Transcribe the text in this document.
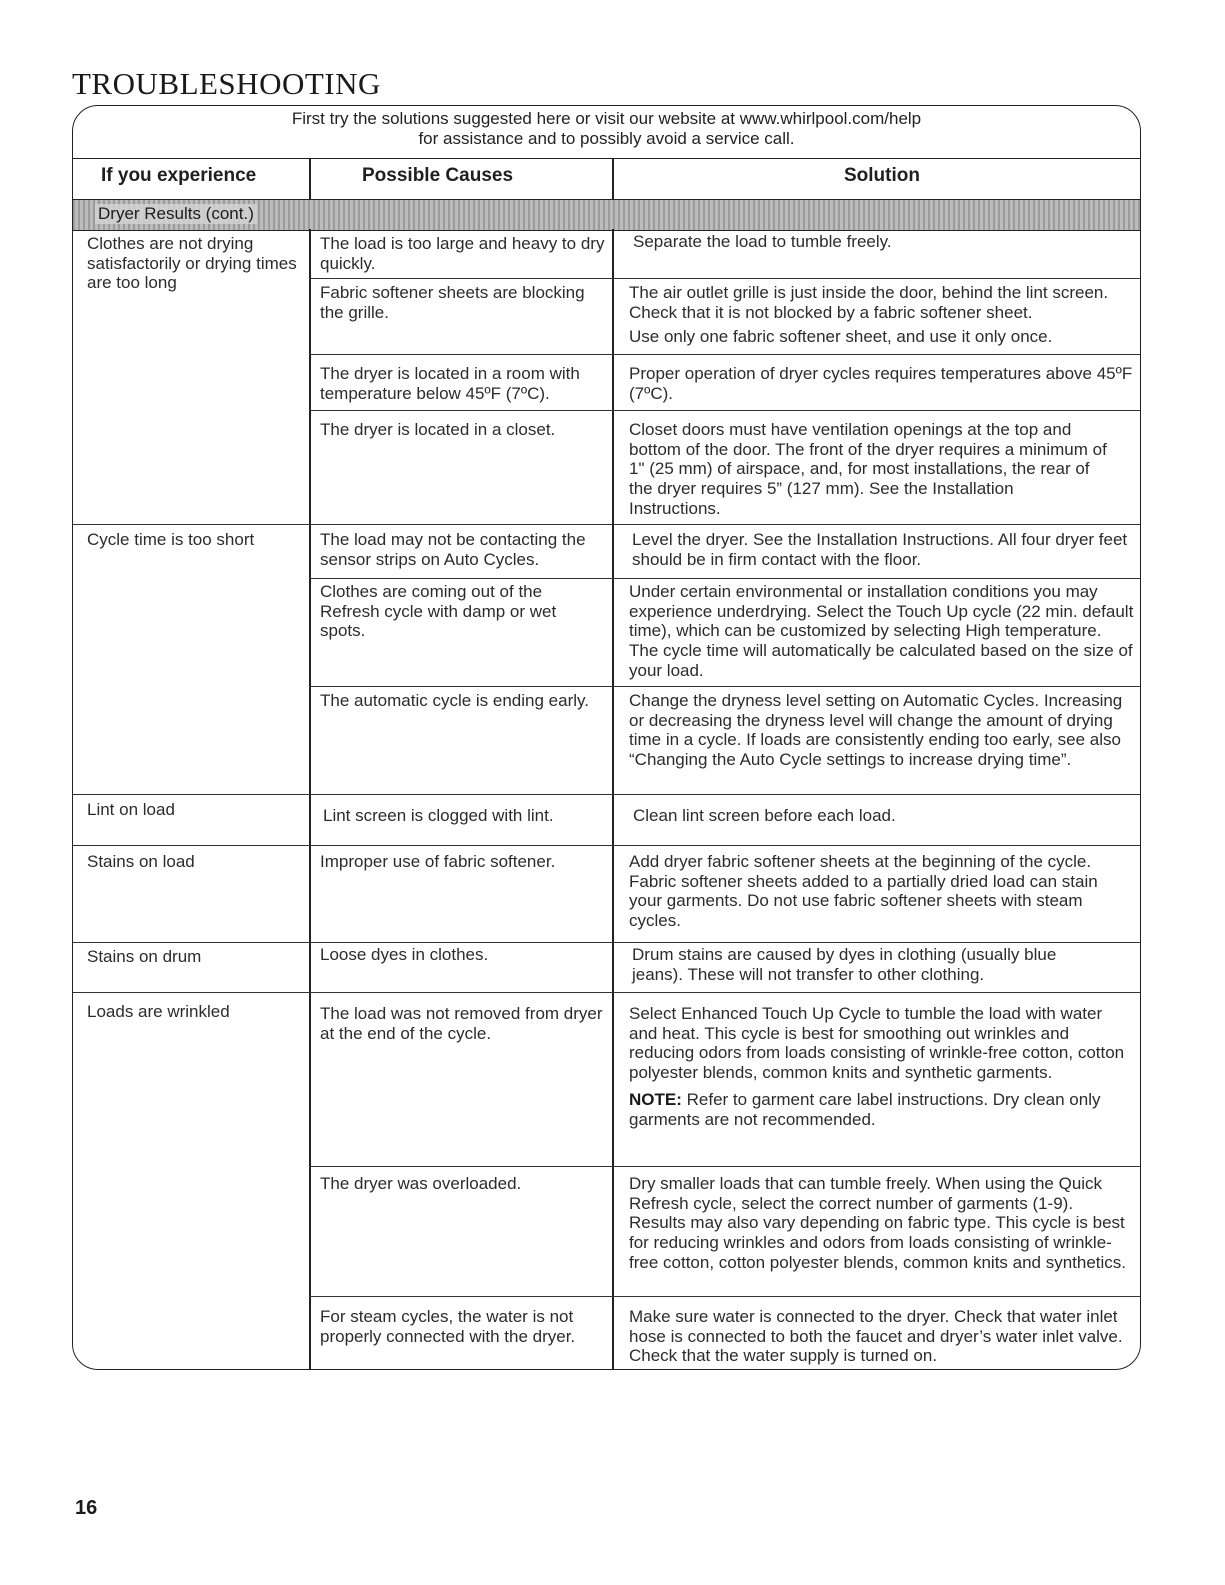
TROUBLESHOOTING
First try the solutions suggested here or visit our website at www.whirlpool.com/help
for assistance and to possibly avoid a service call.
If you experience	Possible Causes	Solution
Dryer Results (cont.)
Clothes are not drying satisfactorily or drying times are too long
Cycle time is too short
Lint on load
Stains on load
Stains on drum
Loads are wrinkled
The load is too large and heavy to dry quickly.
Fabric softener sheets are blocking the grille.
The dryer is located in a room with temperature below 45ºF (7ºC).
The dryer is located in a closet.
The load may not be contacting the sensor strips on Auto Cycles.
Clothes are coming out of the Refresh cycle with damp or wet spots.
The automatic cycle is ending early.
Lint screen is clogged with lint.
Improper use of fabric softener.
Loose dyes in clothes.
The load was not removed from dryer at the end of the cycle.
The dryer was overloaded.
For steam cycles, the water is not properly connected with the dryer.
Separate the load to tumble freely.
The air outlet grille is just inside the door, behind the lint screen. Check that it is not blocked by a fabric softener sheet.
Use only one fabric softener sheet, and use it only once.
Proper operation of dryer cycles requires temperatures above 45ºF (7ºC).
Closet doors must have ventilation openings at the top and bottom of the door. The front of the dryer requires a minimum of 1" (25 mm) of airspace, and, for most installations, the rear of the dryer requires 5” (127 mm). See the Installation Instructions.
Level the dryer. See the Installation Instructions. All four dryer feet should be in firm contact with the floor.
Under certain environmental or installation conditions you may experience underdrying. Select the Touch Up cycle (22 min. default time), which can be customized by selecting High temperature. The cycle time will automatically be calculated based on the size of your load.
Change the dryness level setting on Automatic Cycles. Increasing or decreasing the dryness level will change the amount of drying time in a cycle. If loads are consistently ending too early, see also “Changing the Auto Cycle settings to increase drying time”.
Clean lint screen before each load.
Add dryer fabric softener sheets at the beginning of the cycle. Fabric softener sheets added to a partially dried load can stain your garments. Do not use fabric softener sheets with steam cycles.
Drum stains are caused by dyes in clothing (usually blue jeans). These will not transfer to other clothing.
Select Enhanced Touch Up Cycle to tumble the load with water and heat. This cycle is best for smoothing out wrinkles and reducing odors from loads consisting of wrinkle-free cotton, cotton polyester blends, common knits and synthetic garments.
NOTE: Refer to garment care label instructions. Dry clean only garments are not recommended.
Dry smaller loads that can tumble freely. When using the Quick Refresh cycle, select the correct number of garments (1-9). Results may also vary depending on fabric type. This cycle is best for reducing wrinkles and odors from loads consisting of wrinkle-free cotton, cotton polyester blends, common knits and synthetics.
Make sure water is connected to the dryer. Check that water inlet hose is connected to both the faucet and dryer’s water inlet valve. Check that the water supply is turned on.
16
